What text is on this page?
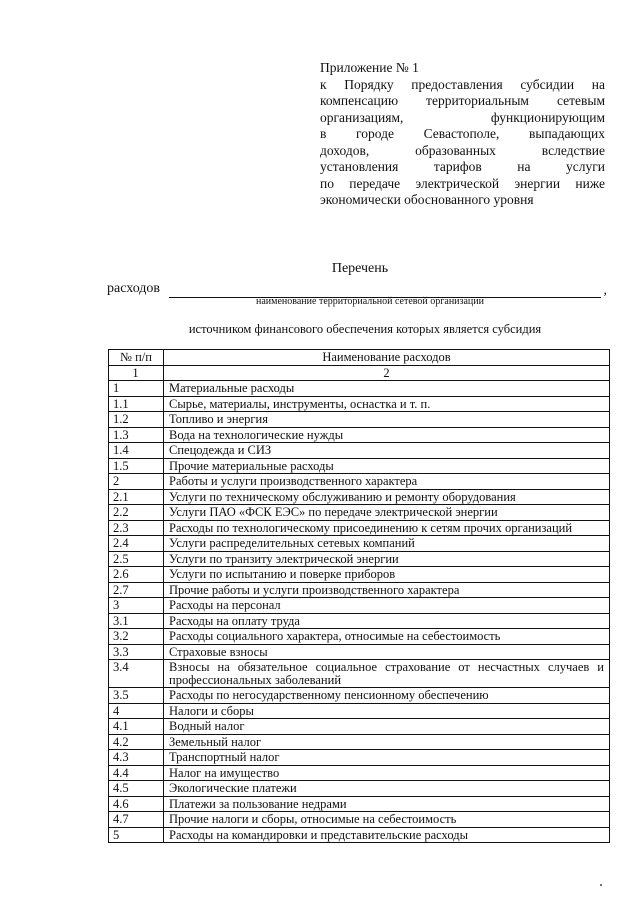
Приложение № 1
к Порядку предоставления субсидии на
компенсацию территориальным сетевым
организациям, функционирующим
в городе Севастополе, выпадающих
доходов, образованных вследствие
установления тарифов на услуги
по передаче электрической энергии ниже
экономически обоснованного уровня
Перечень
расходов	,
наименование территориальной сетевой организации
источником финансового обеспечения которых является субсидия
№ п/п	Наименование расходов
1	2
1	Материальные расходы
1.1	Сырье, материалы, инструменты, оснастка и т. п.
1.2	Топливо и энергия
1.3	Вода на технологические нужды
1.4	Спецодежда и СИЗ
1.5	Прочие материальные расходы
2	Работы и услуги производственного характера
2.1	Услуги по техническому обслуживанию и ремонту оборудования
2.2	Услуги ПАО «ФСК ЕЭС» по передаче электрической энергии
2.3	Расходы по технологическому присоединению к сетям прочих организаций
2.4	Услуги распределительных сетевых компаний
2.5	Услуги по транзиту электрической энергии
2.6	Услуги по испытанию и поверке приборов
2.7	Прочие работы и услуги производственного характера
3	Расходы на персонал
3.1	Расходы на оплату труда
3.2	Расходы социального характера, относимые на себестоимость
3.3	Страховые взносы
3.4	Взносы на обязательное социальное страхование от несчастных случаев и профессиональных заболеваний
3.5	Расходы по негосударственному пенсионному обеспечению
4	Налоги и сборы
4.1	Водный налог
4.2	Земельный налог
4.3	Транспортный налог
4.4	Налог на имущество
4.5	Экологические платежи
4.6	Платежи за пользование недрами
4.7	Прочие налоги и сборы, относимые на себестоимость
5	Расходы на командировки и представительские расходы
